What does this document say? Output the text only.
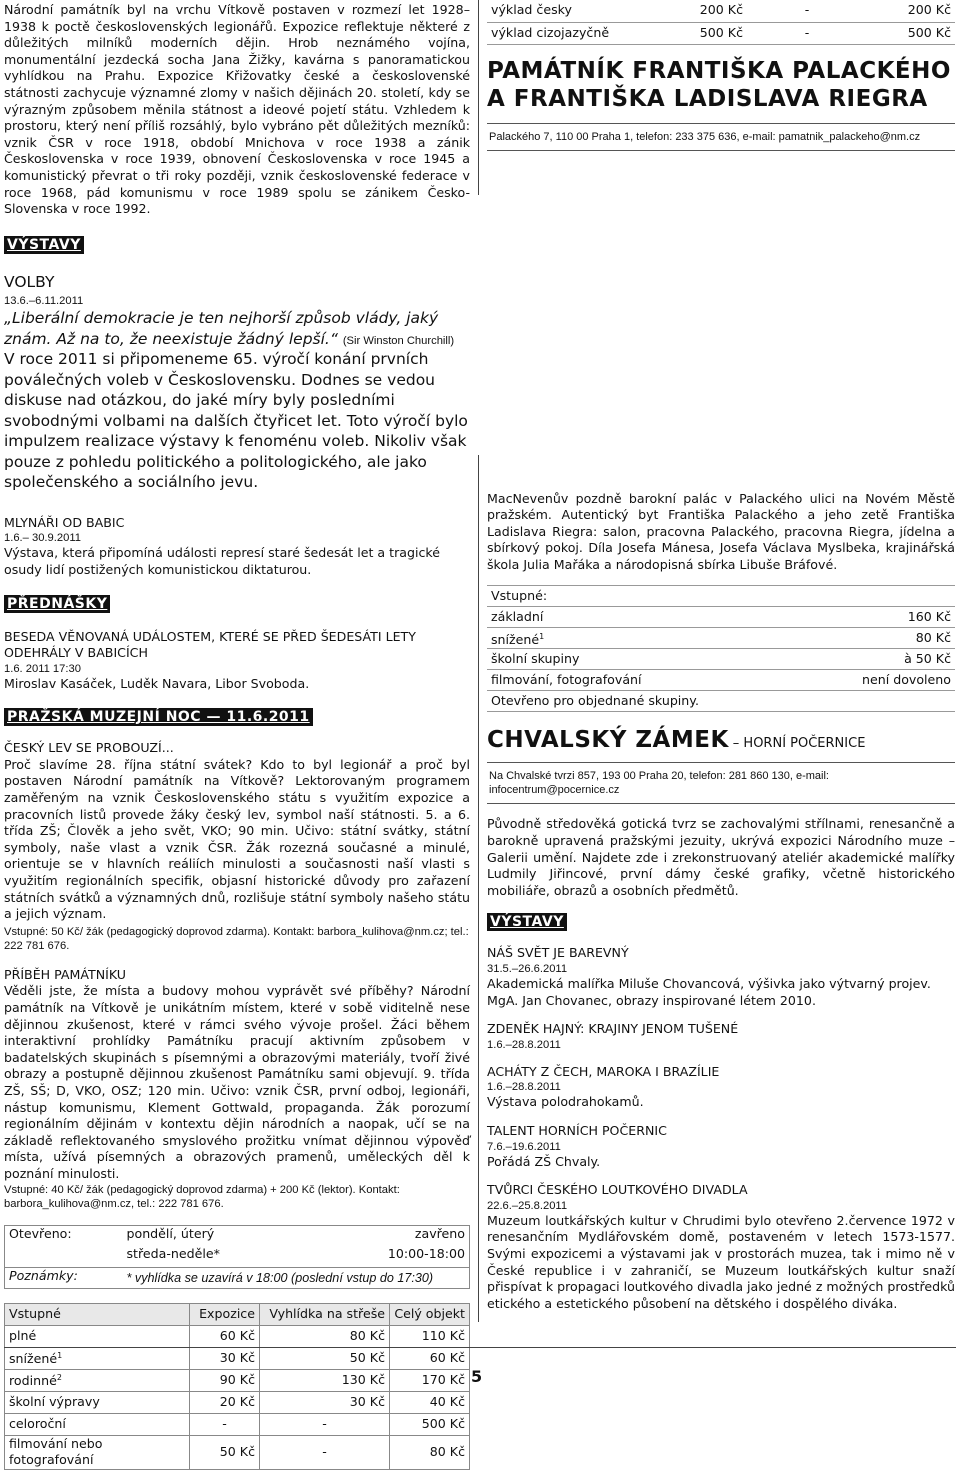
Národní památník byl na vrchu Vítkově postaven v rozmezí let 1928–1938 k poctě československých legionářů. Expozice reflektuje některé z důležitých milníků moderních dějin. Hrob neznámého vojína, monumentální jezdecká socha Jana Žižky, kavárna s panoramatickou vyhlídkou na Prahu. Expozice Křižovatky české a československé státnosti zachycuje významné zlomy v našich dějinách 20. století, kdy se výrazným způsobem měnila státnost a ideové pojetí státu. Vzhledem k prostoru, který není příliš rozsáhlý, bylo vybráno pět důležitých mezníků: vznik ČSR v roce 1918, období Mnichova v roce 1938 a zánik Československa v roce 1939, obnovení Československa v roce 1945 a komunistický převrat o tři roky později, vznik československé federace v roce 1968, pád komunismu v roce 1989 spolu se zánikem Česko-Slovenska v roce 1992.

VÝSTAVY
VOLBY
13.6.–6.11.2011

„Liberální demokracie je ten nejhorší způsob vlády, jaký znám. Až na to, že neexistuje žádný lepší.“ (Sir Winston Churchill)

V roce 2011 si připomeneme 65. výročí konání prvních poválečných voleb v Československu. Dodnes se vedou diskuse nad otázkou, do jaké míry byly posledními svobodnými volbami na dalších čtyřicet let. Toto výročí bylo impulzem realizace výstavy k fenoménu voleb. Nikoliv však pouze z pohledu politického a politologického, ale jako společenského a sociálního jevu.

MLYNÁŘI OD BABIC
1.6.– 30.9.2011

Výstava, která připomíná události represí staré šedesát let a tragické osudy lidí postižených komunistickou diktaturou.

PŘEDNÁŠKY
BESEDA VĚNOVANÁ UDÁLOSTEM, KTERÉ SE PŘED ŠEDESÁTI LETY ODEHRÁLY V BABICÍCH
1.6. 2011 17:30

Miroslav Kasáček, Luděk Navara, Libor Svoboda.

PRAŽSKÁ MUZEJNÍ NOC — 11.6.2011
ČESKÝ LEV SE PROBOUZÍ...

Proč slavíme 28. října státní svátek? Kdo to byl legionář a proč byl postaven Národní památník na Vítkově? Lektorovaným programem zaměřeným na vznik Československého státu s využitím expozice a pracovních listů provede žáky český lev, symbol naší státnosti. 5. a 6. třída ZŠ; Člověk a jeho svět, VKO; 90 min. Učivo: státní svátky, státní symboly, naše vlast a vznik ČSR. Žák rozezná současné a minulé, orientuje se v hlavních reáliích minulosti a současnosti naší vlasti s využitím regionálních specifik, objasní historické důvody pro zařazení státních svátků a významných dnů, rozlišuje státní symboly našeho státu a jejich význam.

Vstupné: 50 Kč/ žák (pedagogický doprovod zdarma). Kontakt: barbora_kulihova@nm.cz; tel.: 222 781 676.

PŘÍBĚH PAMÁTNÍKU

Věděli jste, že místa a budovy mohou vyprávět své příběhy? Národní památník na Vítkově je unikátním místem, které v sobě viditelně nese dějinnou zkušenost, které v rámci svého vývoje prošel. Žáci během interaktivní prohlídky Památníku pracují aktivním způsobem v badatelských skupinách s písemnými a obrazovými materiály, tvoří živé obrazy a postupně dějinnou zkušenost Památníku sami objevují. 9. třída ZŠ, SŠ; D, VKO, OSZ; 120 min. Učivo: vznik ČSR, první odboj, legionáři, nástup komunismu, Klement Gottwald, propaganda. Žák porozumí regionálním dějinám v kontextu dějin národních a naopak, učí se na základě reflektovaného smyslového prožitku vnímat dějinnou výpověď místa, užívá písemných a obrazových pramenů, uměleckých děl k poznání minulosti.

Vstupné: 40 Kč/ žák (pedagogický doprovod zdarma) + 200 Kč (lektor). Kontakt: barbora_kulihova@nm.cz, tel.: 222 781 676.

Otevřeno:	pondělí, úterý	zavřeno
	středa-neděle*	10:00-18:00
Poznámky:	* vyhlídka se uzavírá v 18:00 (poslední vstup do 17:30)	
Vstupné	Expozice	Vyhlídka na střeše	Celý objekt
plné	60 Kč	80 Kč	110 Kč
snížené$^1$	30 Kč	50 Kč	60 Kč
rodinné$^2$	90 Kč	130 Kč	170 Kč
školní výpravy	20 Kč	30 Kč	40 Kč
celoroční	-	-	500 Kč
filmování nebo fotografování	50 Kč	-	80 Kč
výklad česky	200 Kč	-	200 Kč
výklad cizojazyčně	500 Kč	-	500 Kč
PAMÁTNÍK FRANTIŠKA PALACKÉHO
A FRANTIŠKA LADISLAVA RIEGRA
Palackého 7, 110 00 Praha 1, telefon: 233 375 636, e-mail: pamatnik_palackeho@nm.cz

MacNevenův pozdně barokní palác v Palackého ulici na Novém Městě pražském. Autentický byt Františka Palackého a jeho zetě Františka Ladislava Riegra: salon, pracovna Palackého, pracovna Riegra, jídelna a sbírkový pokoj. Díla Josefa Mánesa, Josefa Václava Myslbeka, krajinářská škola Julia Mařáka a národopisná sbírka Libuše Bráfové.

Vstupné:	
základní	160 Kč
snížené$^1$	80 Kč
školní skupiny	à 50 Kč
filmování, fotografování	není dovoleno
Otevřeno pro objednané skupiny.	
CHVALSKÝ ZÁMEK – HORNÍ POČERNICE
Na Chvalské tvrzi 857, 193 00 Praha 20, telefon: 281 860 130, e-mail: infocentrum@pocernice.cz

Původně středověká gotická tvrz se zachovalými střílnami, renesančně a barokně upravená pražskými jezuity, ukrývá expozici Národního muze – Galerii umění. Najdete zde i zrekonstruovaný ateliér akademické malířky Ludmily Jiřincové, první dámy české grafiky, včetně historického mobiliáře, obrazů a osobních předmětů.

VÝSTAVY
NÁŠ SVĚT JE BAREVNÝ
31.5.–26.6.2011

Akademická malířka Miluše Chovancová, výšivka jako výtvarný projev. MgA. Jan Chovanec, obrazy inspirované létem 2010.

ZDENĚK HAJNÝ: KRAJINY JENOM TUŠENÉ
1.6.–28.8.2011
ACHÁTY Z ČECH, MAROKA I BRAZÍLIE
1.6.–28.8.2011

Výstava polodrahokamů.

TALENT HORNÍCH POČERNIC
7.6.–19.6.2011

Pořádá ZŠ Chvaly.

TVŮRCI ČESKÉHO LOUTKOVÉHO DIVADLA
22.6.–25.8.2011

Muzeum loutkářských kultur v Chrudimi bylo otevřeno 2.července 1972 v renesančním Mydlářovském domě, postaveném v letech 1573-1577. Svými expozicemi a výstavami jak v prostorách muzea, tak i mimo ně v České republice i v zahraničí, se Muzeum loutkářských kultur snaží přispívat k propagaci loutkového divadla jako jedné z možných prostředků etického a estetického působení na dětského i dospělého diváka.

5
